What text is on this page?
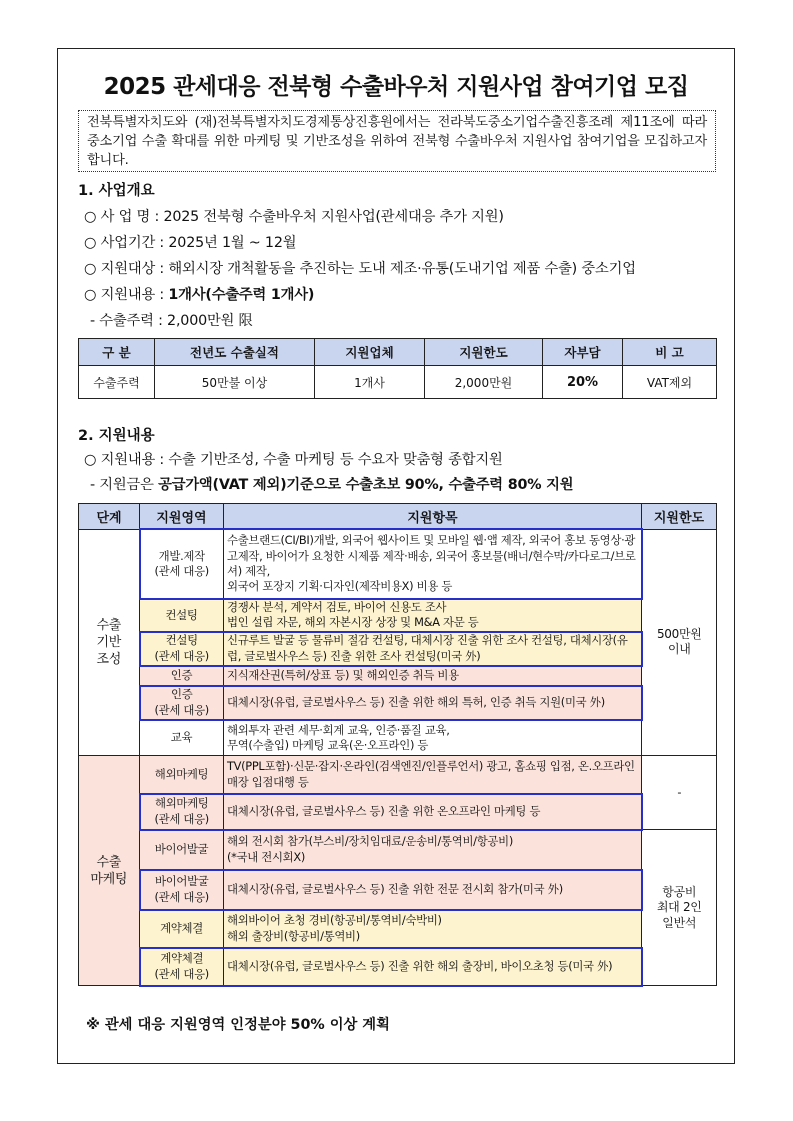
2025 관세대응 전북형 수출바우처 지원사업 참여기업 모집
전북특별자치도와 (재)전북특별자치도경제통상진흥원에서는 전라북도중소기업수출진흥조례 제11조에 따라 중소기업 수출 확대를 위한 마케팅 및 기반조성을 위하여 전북형 수출바우처 지원사업 참여기업을 모집하고자 합니다.
1. 사업개요
○ 사 업 명 : 2025 전북형 수출바우처 지원사업(관세대응 추가 지원)
○ 사업기간 : 2025년 1월 ~ 12월
○ 지원대상 : 해외시장 개척활동을 추진하는 도내 제조·유통(도내기업 제품 수출) 중소기업
○ 지원내용 : 1개사(수출주력 1개사)
- 수출주력 : 2,000만원 限
구 분	전년도 수출실적	지원업체	지원한도	자부담	비 고
수출주력	50만불 이상	1개사	2,000만원	20%	VAT제외
2. 지원내용
○ 지원내용 : 수출 기반조성, 수출 마케팅 등 수요자 맞춤형 종합지원
- 지원금은 공급가액(VAT 제외)기준으로 수출초보 90%, 수출주력 80% 지원
단계	지원영역	지원항목	지원한도
수출
기반
조성	개발.제작
(관세 대응)	수출브랜드(CI/BI)개발, 외국어 웹사이트 및 모바일 웹·앱 제작, 외국어 홍보 동영상·광고제작, 바이어가 요청한 시제품 제작·배송, 외국어 홍보물(배너/현수막/카다로그/브로셔) 제작,
외국어 포장지 기획·디자인(제작비용X) 비용 등	500만원
이내
	컨설팅	경쟁사 분석, 계약서 검토, 바이어 신용도 조사
법인 설립 자문, 해외 자본시장 상장 및 M&A 자문 등	
	컨설팅
(관세 대응)	신규루트 발굴 등 물류비 절감 컨설팅, 대체시장 진출 위한 조사 컨설팅, 대체시장(유럽, 글로벌사우스 등) 진출 위한 조사 컨설팅(미국 外)	
	인증	지식재산권(특허/상표 등) 및 해외인증 취득 비용	
	인증
(관세 대응)	대체시장(유럽, 글로벌사우스 등) 진출 위한 해외 특허, 인증 취득 지원(미국 外)	
	교육	해외투자 관련 세무·회계 교육, 인증·품질 교육,
무역(수출입) 마케팅 교육(온·오프라인) 등	
수출
마케팅	해외마케팅	TV(PPL포함)·신문·잡지·온라인(검색엔진/인플루언서) 광고, 홈쇼핑 입점, 온.오프라인매장 입점대행 등	-
	해외마케팅
(관세 대응)	대체시장(유럽, 글로벌사우스 등) 진출 위한 온오프라인 마케팅 등	
	바이어발굴	해외 전시회 참가(부스비/장치임대료/운송비/통역비/항공비)
(*국내 전시회X)	항공비
최대 2인
일반석
	바이어발굴
(관세 대응)	대체시장(유럽, 글로벌사우스 등) 진출 위한 전문 전시회 참가(미국 外)	
	계약체결	해외바이어 초청 경비(항공비/통역비/숙박비)
해외 출장비(항공비/통역비)	
	계약체결
(관세 대응)	대체시장(유럽, 글로벌사우스 등) 진출 위한 해외 출장비, 바이오초청 등(미국 外)	
※ 관세 대응 지원영역 인정분야 50% 이상 계획
